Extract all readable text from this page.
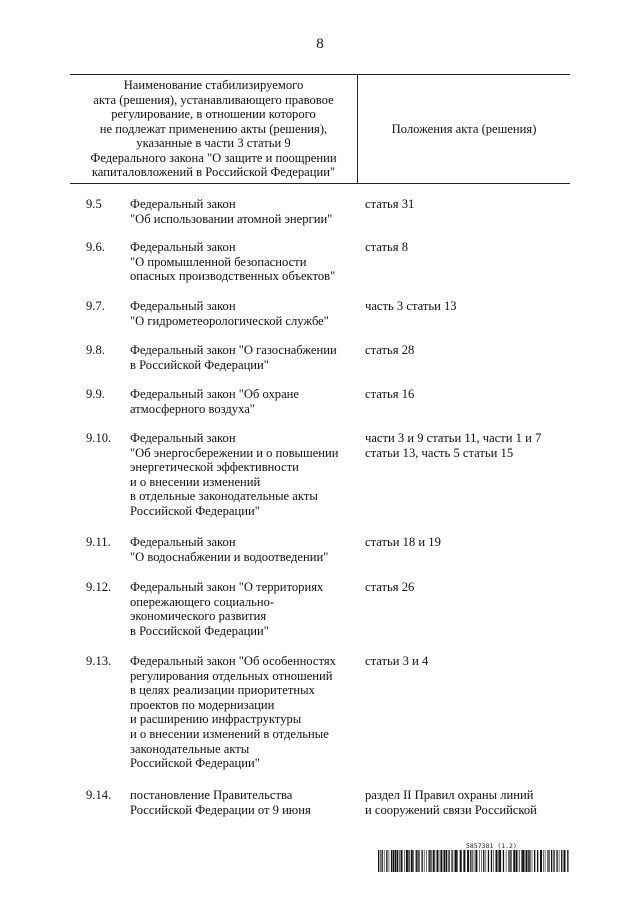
8
Наименование стабилизируемого
акта (решения), устанавливающего правовое
регулирование, в отношении которого
не подлежат применению акты (решения),
указанные в части 3 статьи 9
Федерального закона "О защите и поощрении
капиталовложений в Российской Федерации"
Положения акта (решения)
9.5 Федеральный закон
"Об использовании атомной энергии"
статья 31
9.6. Федеральный закон
"О промышленной безопасности
опасных производственных объектов"
статья 8
9.7. Федеральный закон
"О гидрометеорологической службе"
часть 3 статьи 13
9.8. Федеральный закон "О газоснабжении
в Российской Федерации"
статья 28
9.9. Федеральный закон "Об охране
атмосферного воздуха"
статья 16
9.10. Федеральный закон
"Об энергосбережении и о повышении
энергетической эффективности
и о внесении изменений
в отдельные законодательные акты
Российской Федерации"
части 3 и 9 статьи 11, части 1 и 7
статьи 13, часть 5 статьи 15
9.11. Федеральный закон
"О водоснабжении и водоотведении"
статьи 18 и 19
9.12. Федеральный закон "О территориях
опережающего социально-
экономического развития
в Российской Федерации"
статья 26
9.13. Федеральный закон "Об особенностях
регулирования отдельных отношений
в целях реализации приоритетных
проектов по модернизации
и расширению инфраструктуры
и о внесении изменений в отдельные
законодательные акты
Российской Федерации"
статьи 3 и 4
9.14. постановление Правительства
Российской Федерации от 9 июня
раздел II Правил охраны линий
и сооружений связи Российской
5857381 (1.2)
